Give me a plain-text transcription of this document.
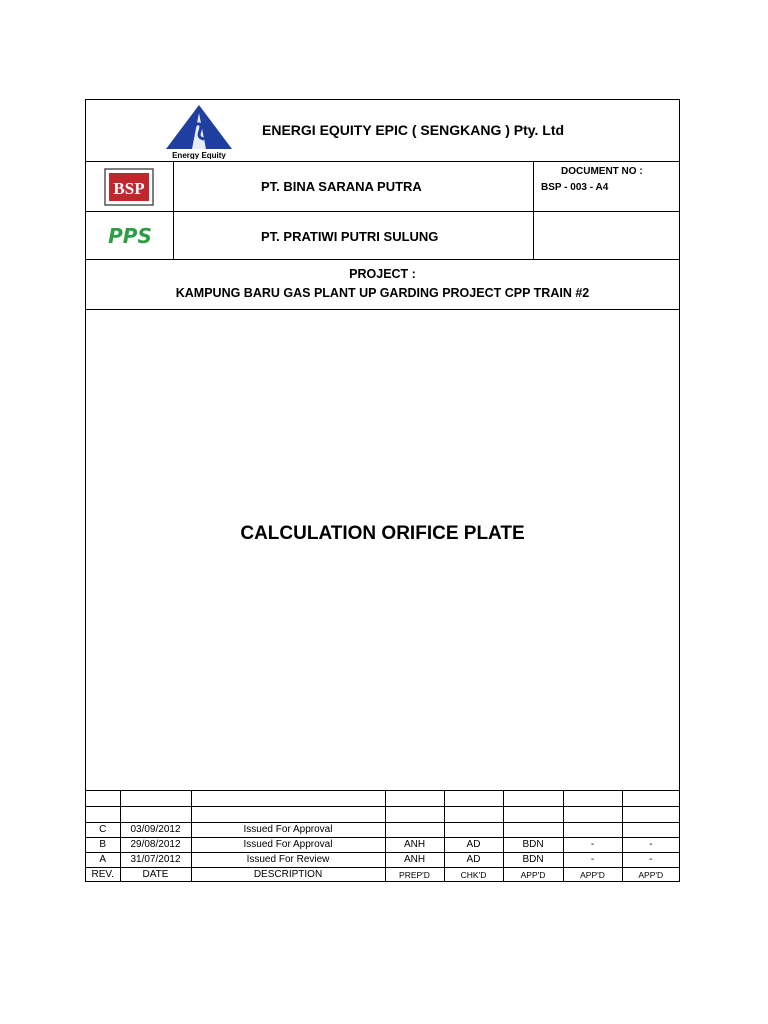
Energy Equity
ENERGI EQUITY EPIC ( SENGKANG ) Pty. Ltd
BSP	PT. BINA SARANA PUTRA
DOCUMENT NO :
BSP - 003 - A4
PPS	PT. PRATIWI PUTRI SULUNG
PROJECT :
KAMPUNG BARU GAS PLANT UP GARDING PROJECT CPP TRAIN #2
CALCULATION ORIFICE PLATE

C	03/09/2012	Issued For Approval					
B	29/08/2012	Issued For Approval	ANH	AD	BDN	-	-
A	31/07/2012	Issued For Review	ANH	AD	BDN	-	-
REV.	DATE	DESCRIPTION	PREP'D	CHK'D	APP'D	APP'D	APP'D
